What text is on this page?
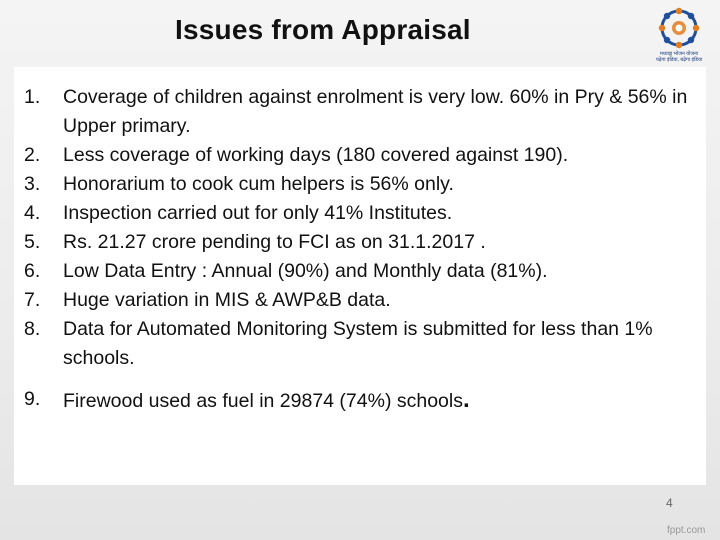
Issues from Appraisal
मध्याह्न भोजन योजना
पढ़ेगा इंडिया, बढ़ेगा इंडिया
1. Coverage of children against enrolment is very low. 60% in Pry & 56% in Upper primary.
2. Less coverage of working days (180 covered against 190).
3. Honorarium to cook cum helpers is 56% only.
4. Inspection carried out for only 41% Institutes.
5. Rs. 21.27 crore pending to FCI as on 31.1.2017 .
6. Low Data Entry : Annual (90%) and Monthly data (81%).
7. Huge variation in MIS & AWP&B data.
8. Data for Automated Monitoring System is submitted for less than 1% schools.
9. Firewood used as fuel in 29874 (74%) schools.
4
fppt.com
